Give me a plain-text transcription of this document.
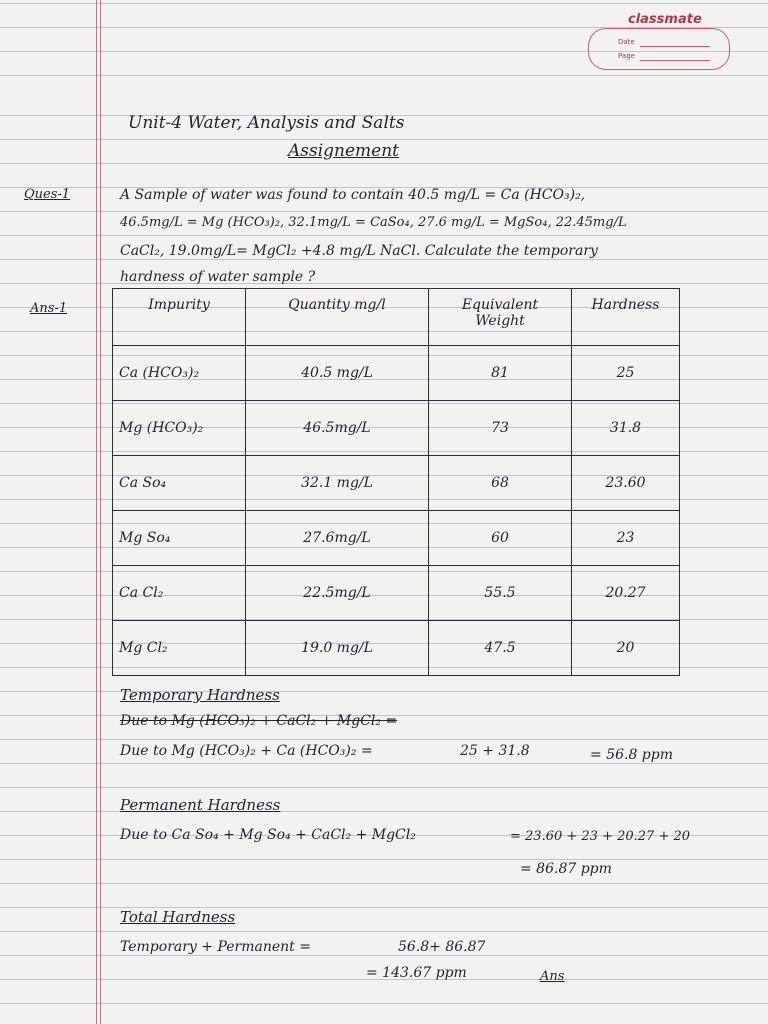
classmate
Date
Page
Unit-4 Water, Analysis and Salts
Assignement
Ques-1	A Sample of water was found to contain 40.5 mg/L = Ca (HCO₃)₂,
46.5mg/L = Mg (HCO₃)₂, 32.1mg/L = CaSo₄, 27.6 mg/L = MgSo₄, 22.45mg/L
CaCl₂, 19.0mg/L= MgCl₂ +4.8 mg/L NaCl. Calculate the temporary
hardness of water sample ?
Ans-1	Impurity	Quantity mg/l	Equivalent Weight	Hardness
Ca (HCO₃)₂	40.5 mg/L	81	25
Mg (HCO₃)₂	46.5mg/L	73	31.8
Ca So₄	32.1 mg/L	68	23.60
Mg So₄	27.6mg/L	60	23
Ca Cl₂	22.5mg/L	55.5	20.27
Mg Cl₂	19.0 mg/L	47.5	20
Temporary Hardness
Due to Mg (HCO₃)₂ + CaCl₂ + MgCl₂ =
Due to Mg (HCO₃)₂ + Ca (HCO₃)₂ =	25 + 31.8	= 56.8 ppm
Permanent Hardness
Due to Ca So₄ + Mg So₄ + CaCl₂ + MgCl₂	= 23.60 + 23 + 20.27 + 20
= 86.87 ppm
Total Hardness
Temporary + Permanent =	56.8+ 86.87
= 143.67 ppm	Ans
